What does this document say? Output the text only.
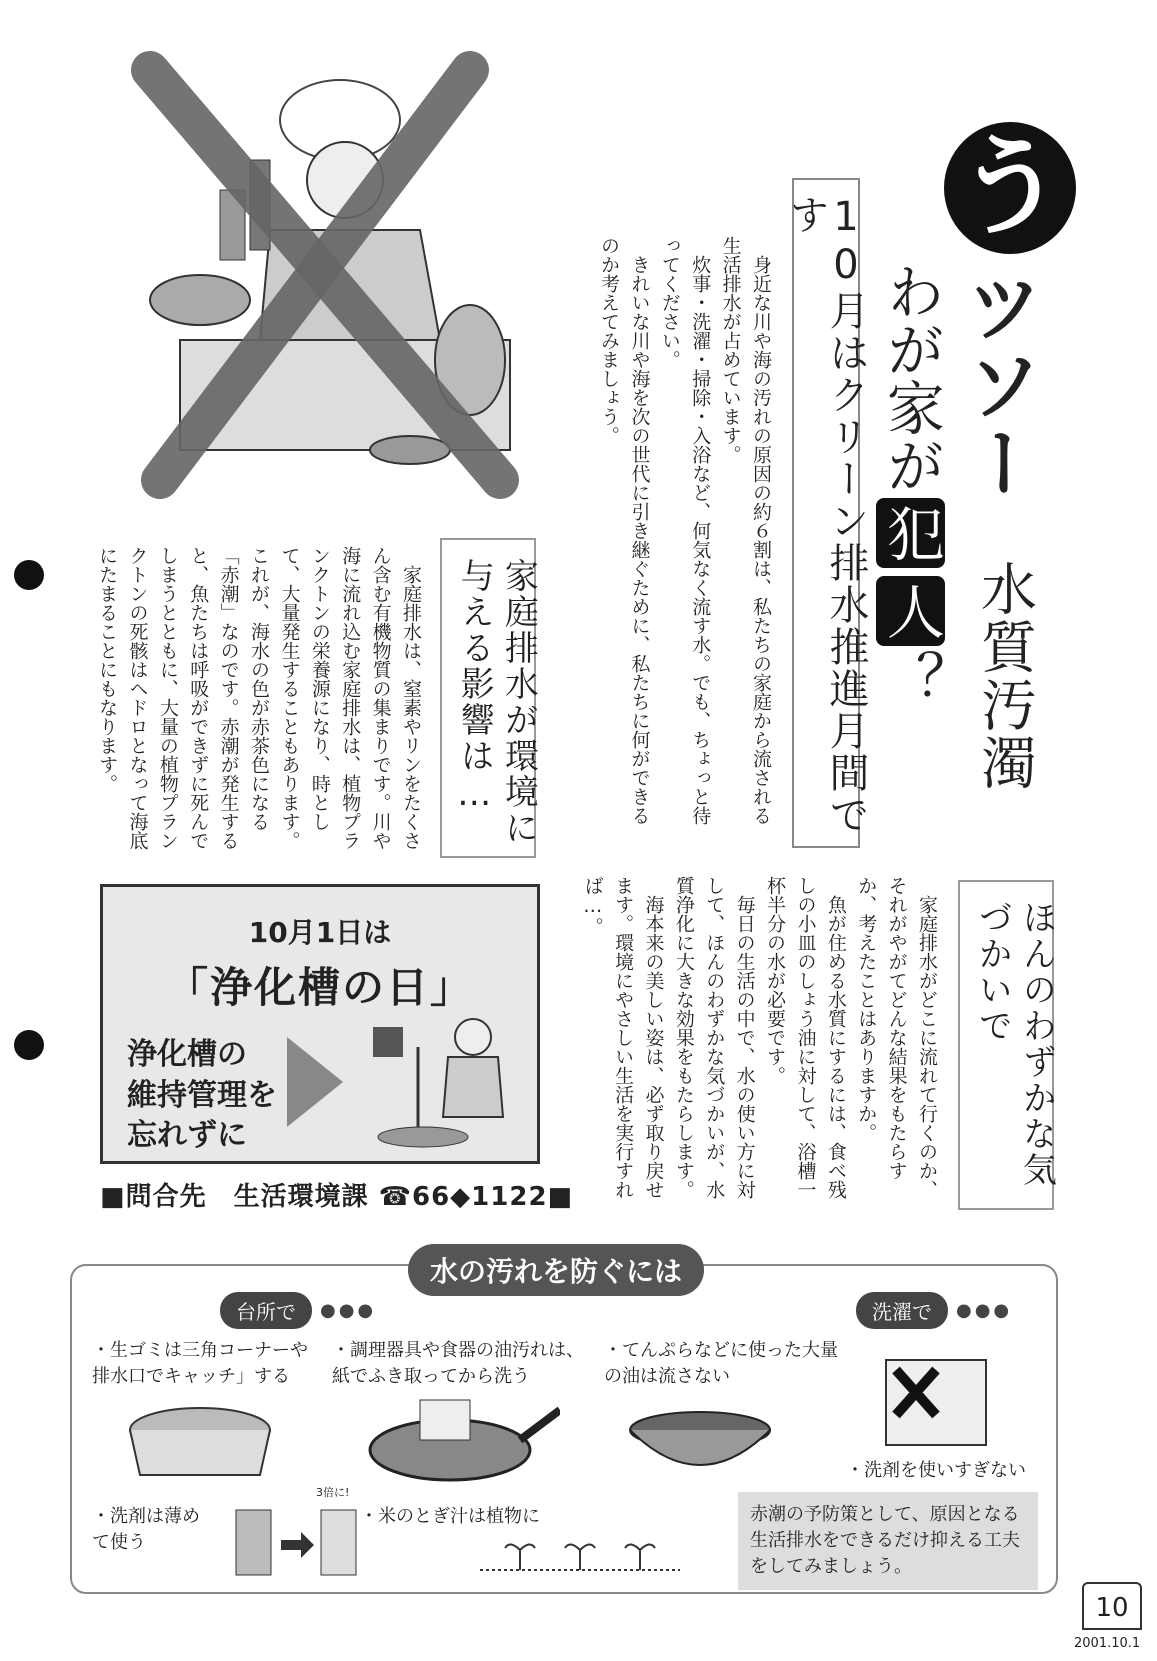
う
ツソー
水質汚濁
わが家が犯人？
10月はクリーン排水推進月間です

身近な川や海の汚れの原因の約６割は、私たちの家庭から流される生活排水が占めています。

炊事・洗濯・掃除・入浴など、何気なく流す水。でも、ちょっと待ってください。

きれいな川や海を次の世代に引き継ぐために、私たちに何ができるのか考えてみましょう。

家庭排水が環境に与える影響は…

家庭排水は、窒素やリンをたくさん含む有機物質の集まりです。川や海に流れ込む家庭排水は、植物プランクトンの栄養源になり、時として、大量発生することもあります。これが、海水の色が赤茶色になる「赤潮」なのです。赤潮が発生すると、魚たちは呼吸ができずに死んでしまうとともに、大量の植物プランクトンの死骸はヘドロとなって海底にたまることにもなります。

ほんのわずかな気づかいで

家庭排水がどこに流れて行くのか、それがやがてどんな結果をもたらすか、考えたことはありますか。

魚が住める水質にするには、食べ残しの小皿のしょう油に対して、浴槽一杯半分の水が必要です。

毎日の生活の中で、水の使い方に対して、ほんのわずかな気づかいが、水質浄化に大きな効果をもたらします。

海本来の美しい姿は、必ず取り戻せます。環境にやさしい生活を実行すれば…。

10月1日は
「浄化槽の日」
浄化槽の
維持管理を
忘れずに
■問合先　生活環境課 ☎66◆1122■
水の汚れを防ぐには
台所で	●●●	洗濯で	●●●
・生ゴミは三角コーナーや排水口でキャッチ」する
・調理器具や食器の油汚れは、紙でふき取ってから洗う
・てんぷらなどに使った大量の油は流さない
・洗剤を使いすぎない
・洗剤は薄めて使う
・米のとぎ汁は植物に
3倍に!
赤潮の予防策として、原因となる生活排水をできるだけ抑える工夫をしてみましょう。
10
2001.10.1
